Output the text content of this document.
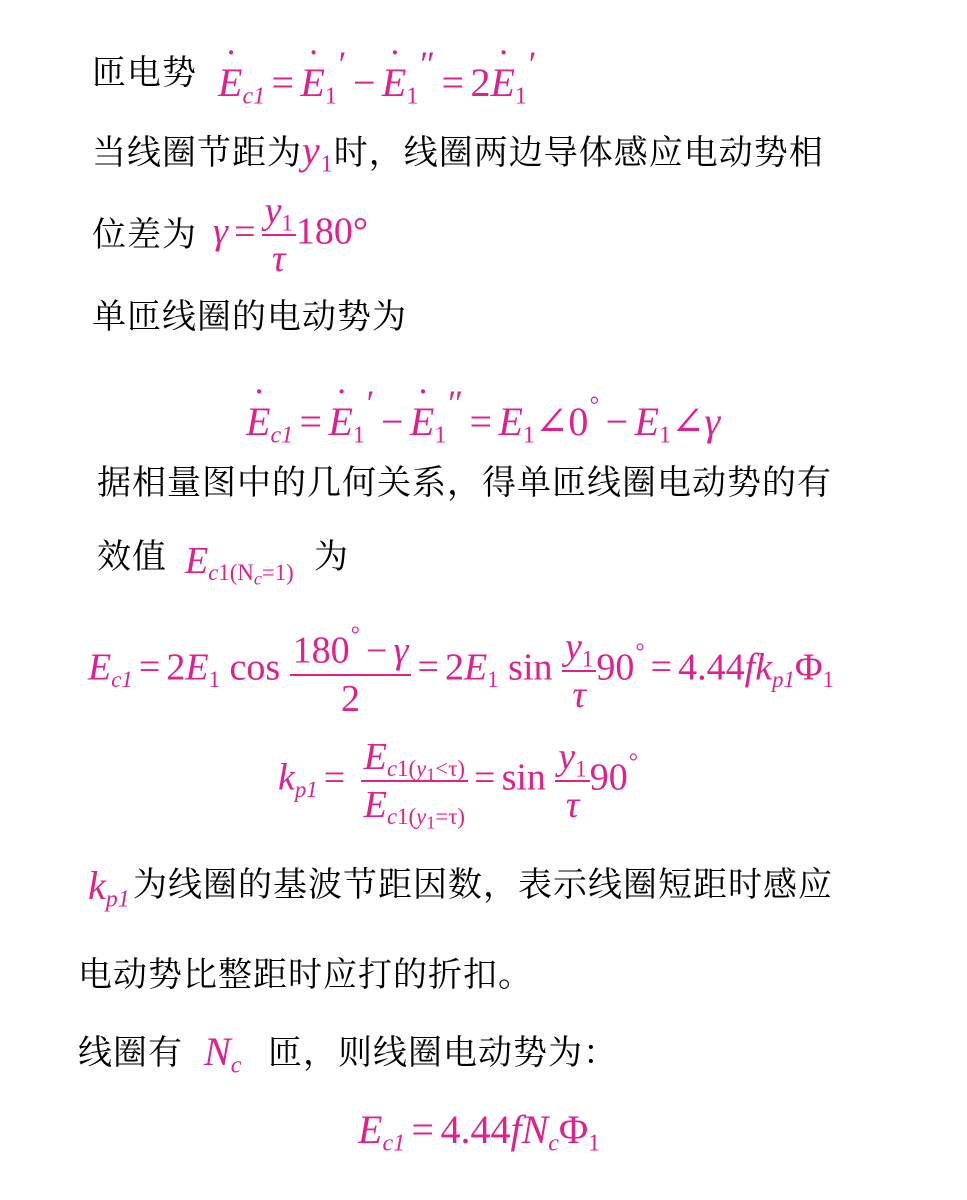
匝电势 ˙ $E_{c1}$ = ˙ $E_1'$ − ˙ $E_1''$ = 2˙ $E_1'$
当线圈节距为$y_1$时，线圈两边导体感应电动势相
位差为 $\gamma = \frac{y_1}{\tau} 180^\circ$
单匝线圈的电动势为
˙ $E_{c1}$ = ˙ $E_1'$ − ˙ $E_1''$ = $E_1\angle 0^\circ$ − $E_1\angle\gamma$
据相量图中的几何关系，得单匝线圈电动势的有
效值 $E_{c1(N_c=1)}$ 为
$E_{c1} = 2E_1$ $\cos \frac{180^\circ - \gamma}{2} = 2E_1$ $\sin \frac{y_1}{\tau} 90^\circ = 4.44fk_{p1}\Phi_1$
$k_{p1} = \frac{E_{c1(y_1<\tau)}}{E_{c1(y_1=\tau)}} = \sin \frac{y_1}{\tau} 90^\circ$
$k_{p1}$ 为线圈的基波节距因数，表示线圈短距时感应
电动势比整距时应打的折扣。
线圈有 $N_c$ 匝，则线圈电动势为：
$E_{c1} = 4.44fN_c\Phi_1$
